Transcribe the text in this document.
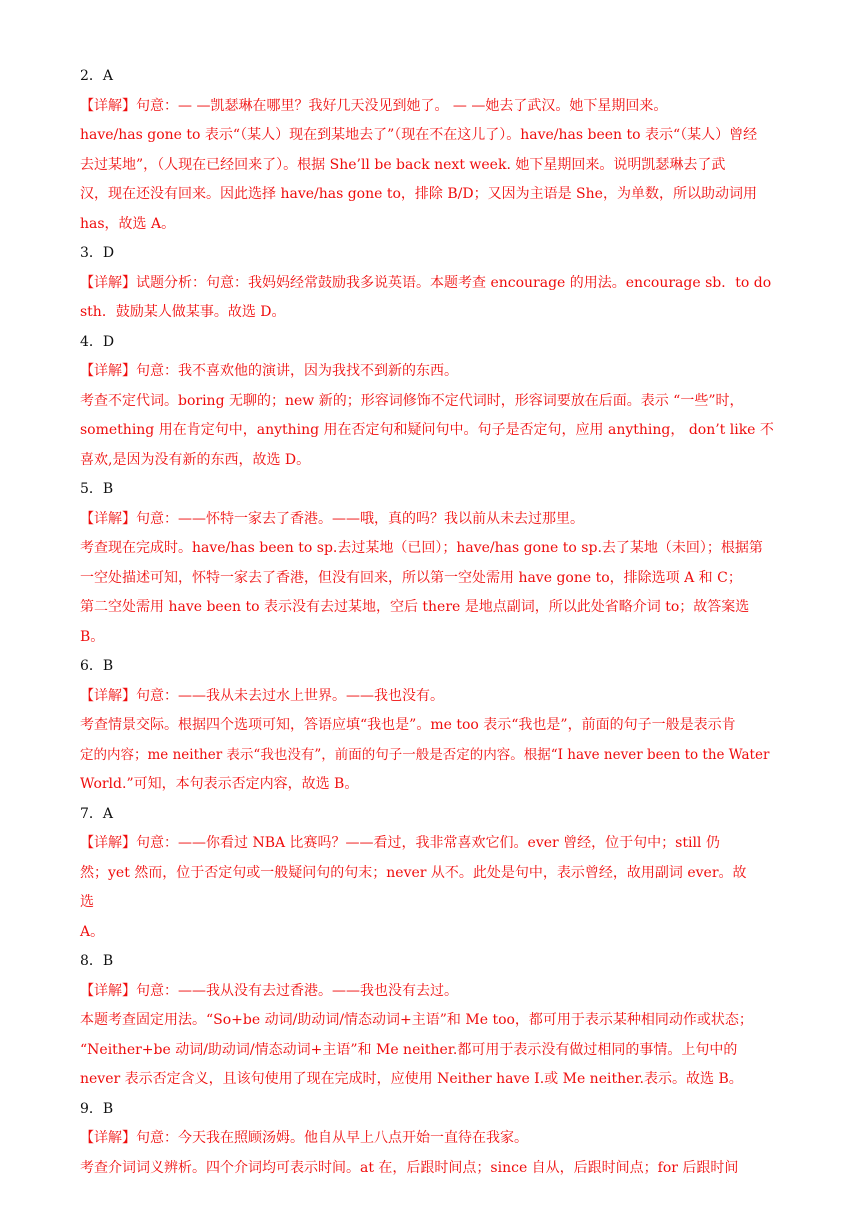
2．A
【详解】句意：— —凯瑟琳在哪里？我好几天没见到她了。 — —她去了武汉。她下星期回来。
have/has gone to 表示“（某人）现在到某地去了”（现在不在这儿了）。have/has been to 表示“（某人）曾经
去过某地”，（人现在已经回来了）。根据 She’ll be back next week. 她下星期回来。说明凯瑟琳去了武
汉，现在还没有回来。因此选择 have/has gone to，排除 B/D；又因为主语是 She，为单数，所以助动词用
has，故选 A。
3．D
【详解】试题分析：句意：我妈妈经常鼓励我多说英语。本题考查 encourage 的用法。encourage sb．to do
sth．鼓励某人做某事。故选 D。
4．D
【详解】句意：我不喜欢他的演讲，因为我找不到新的东西。
考查不定代词。boring 无聊的；new 新的；形容词修饰不定代词时，形容词要放在后面。表示 “一些”时，
something 用在肯定句中，anything 用在否定句和疑问句中。句子是否定句，应用 anything， don’t like 不
喜欢,是因为没有新的东西，故选 D。
5．B
【详解】句意：——怀特一家去了香港。——哦，真的吗？我以前从未去过那里。
考查现在完成时。have/has been to sp.去过某地（已回）；have/has gone to sp.去了某地（未回）；根据第
一空处描述可知，怀特一家去了香港，但没有回来，所以第一空处需用 have gone to，排除选项 A 和 C；
第二空处需用 have been to 表示没有去过某地，空后 there 是地点副词，所以此处省略介词 to；故答案选
B。
6．B
【详解】句意：——我从未去过水上世界。——我也没有。
考查情景交际。根据四个选项可知，答语应填“我也是”。me too 表示“我也是”，前面的句子一般是表示肯
定的内容；me neither 表示“我也没有”，前面的句子一般是否定的内容。根据“I have never been to the Water
World.”可知，本句表示否定内容，故选 B。
7．A
【详解】句意：——你看过 NBA 比赛吗？——看过，我非常喜欢它们。ever 曾经，位于句中；still 仍
然；yet 然而，位于否定句或一般疑问句的句末；never 从不。此处是句中，表示曾经，故用副词 ever。故
选
A。
8．B
【详解】句意：——我从没有去过香港。——我也没有去过。
本题考查固定用法。“So+be 动词/助动词/情态动词+主语”和 Me too，都可用于表示某种相同动作或状态；
“Neither+be 动词/助动词/情态动词+主语”和 Me neither.都可用于表示没有做过相同的事情。上句中的
never 表示否定含义，且该句使用了现在完成时，应使用 Neither have I.或 Me neither.表示。故选 B。
9．B
【详解】句意：今天我在照顾汤姆。他自从早上八点开始一直待在我家。
考查介词词义辨析。四个介词均可表示时间。at 在，后跟时间点；since 自从，后跟时间点；for 后跟时间
